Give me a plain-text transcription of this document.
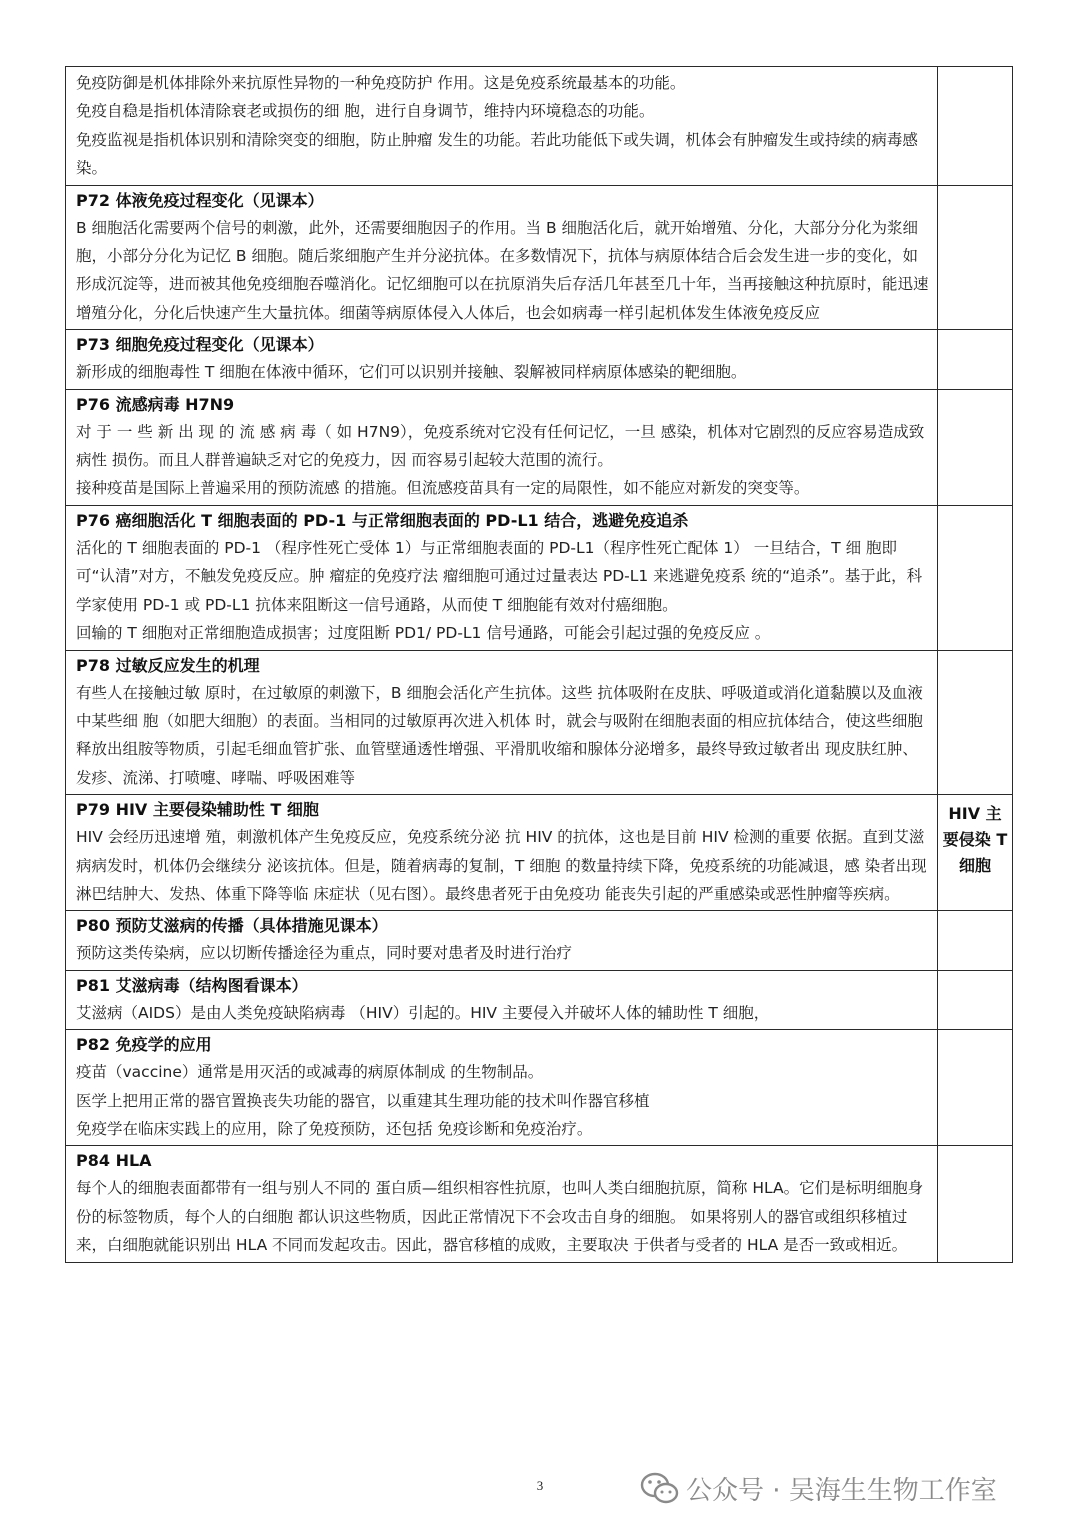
免疫防御是机体排除外来抗原性异物的一种免疫防护 作用。这是免疫系统最基本的功能。
免疫自稳是指机体清除衰老或损伤的细 胞，进行自身调节，维持内环境稳态的功能。
免疫监视是指机体识别和清除突变的细胞，防止肿瘤 发生的功能。若此功能低下或失调，机体会有肿瘤发生或持续的病毒感染。	

P72 体液免疫过程变化（见课本）
B 细胞活化需要两个信号的刺激，此外，还需要细胞因子的作用。当 B 细胞活化后，就开始增殖、分化，大部分分化为浆细胞，小部分分化为记忆 B 细胞。随后浆细胞产生并分泌抗体。在多数情况下，抗体与病原体结合后会发生进一步的变化，如形成沉淀等，进而被其他免疫细胞吞噬消化。记忆细胞可以在抗原消失后存活几年甚至几十年，当再接触这种抗原时，能迅速增殖分化，分化后快速产生大量抗体。细菌等病原体侵入人体后，也会如病毒一样引起机体发生体液免疫反应	

P73 细胞免疫过程变化（见课本）
新形成的细胞毒性 T 细胞在体液中循环，它们可以识别并接触、裂解被同样病原体感染的靶细胞。	

P76 流感病毒 H7N9
对 于 一 些 新 出 现 的 流 感 病 毒（ 如 H7N9），免疫系统对它没有任何记忆，一旦 感染，机体对它剧烈的反应容易造成致病性 损伤。而且人群普遍缺乏对它的免疫力，因 而容易引起较大范围的流行。
接种疫苗是国际上普遍采用的预防流感 的措施。但流感疫苗具有一定的局限性，如不能应对新发的突变等。	

P76 癌细胞活化 T 细胞表面的 PD-1 与正常细胞表面的 PD-L1 结合，逃避免疫追杀
活化的 T 细胞表面的 PD-1 （程序性死亡受体 1）与正常细胞表面的 PD-L1（程序性死亡配体 1） 一旦结合，T 细 胞即可“认清”对方，不触发免疫反应。肿 瘤症的免疫疗法 瘤细胞可通过过量表达 PD-L1 来逃避免疫系 统的“追杀”。基于此，科学家使用 PD-1 或 PD-L1 抗体来阻断这一信号通路，从而使 T 细胞能有效对付癌细胞。
回输的 T 细胞对正常细胞造成损害；过度阻断 PD1/ PD-L1 信号通路，可能会引起过强的免疫反应 。	

P78 过敏反应发生的机理
有些人在接触过敏 原时，在过敏原的刺激下，B 细胞会活化产生抗体。这些 抗体吸附在皮肤、呼吸道或消化道黏膜以及血液中某些细 胞（如肥大细胞）的表面。当相同的过敏原再次进入机体 时，就会与吸附在细胞表面的相应抗体结合，使这些细胞 释放出组胺等物质，引起毛细血管扩张、血管壁通透性增强、平滑肌收缩和腺体分泌增多，最终导致过敏者出 现皮肤红肿、发疹、流涕、打喷嚏、哮喘、呼吸困难等	

P79 HIV 主要侵染辅助性 T 细胞
HIV 会经历迅速增 殖，刺激机体产生免疫反应，免疫系统分泌 抗 HIV 的抗体，这也是目前 HIV 检测的重要 依据。直到艾滋病病发时，机体仍会继续分 泌该抗体。但是，随着病毒的复制，T 细胞 的数量持续下降，免疫系统的功能减退，感 染者出现淋巴结肿大、发热、体重下降等临 床症状（见右图）。最终患者死于由免疫功 能丧失引起的严重感染或恶性肿瘤等疾病。	HIV 主要侵染 T 细胞

P80 预防艾滋病的传播（具体措施见课本）
预防这类传染病，应以切断传播途径为重点，同时要对患者及时进行治疗	

P81 艾滋病毒（结构图看课本）
艾滋病（AIDS）是由人类免疫缺陷病毒 （HIV）引起的。HIV 主要侵入并破坏人体的辅助性 T 细胞，	

P82 免疫学的应用
疫苗（vaccine）通常是用灭活的或减毒的病原体制成 的生物制品。
医学上把用正常的器官置换丧失功能的器官，以重建其生理功能的技术叫作器官移植
免疫学在临床实践上的应用，除了免疫预防，还包括 免疫诊断和免疫治疗。	

P84 HLA
每个人的细胞表面都带有一组与别人不同的 蛋白质—组织相容性抗原，也叫人类白细胞抗原，简称 HLA。它们是标明细胞身份的标签物质，每个人的白细胞 都认识这些物质，因此正常情况下不会攻击自身的细胞。 如果将别人的器官或组织移植过来，白细胞就能识别出 HLA 不同而发起攻击。因此，器官移植的成败，主要取决 于供者与受者的 HLA 是否一致或相近。	

3	公众号 · 吴海生生物工作室
